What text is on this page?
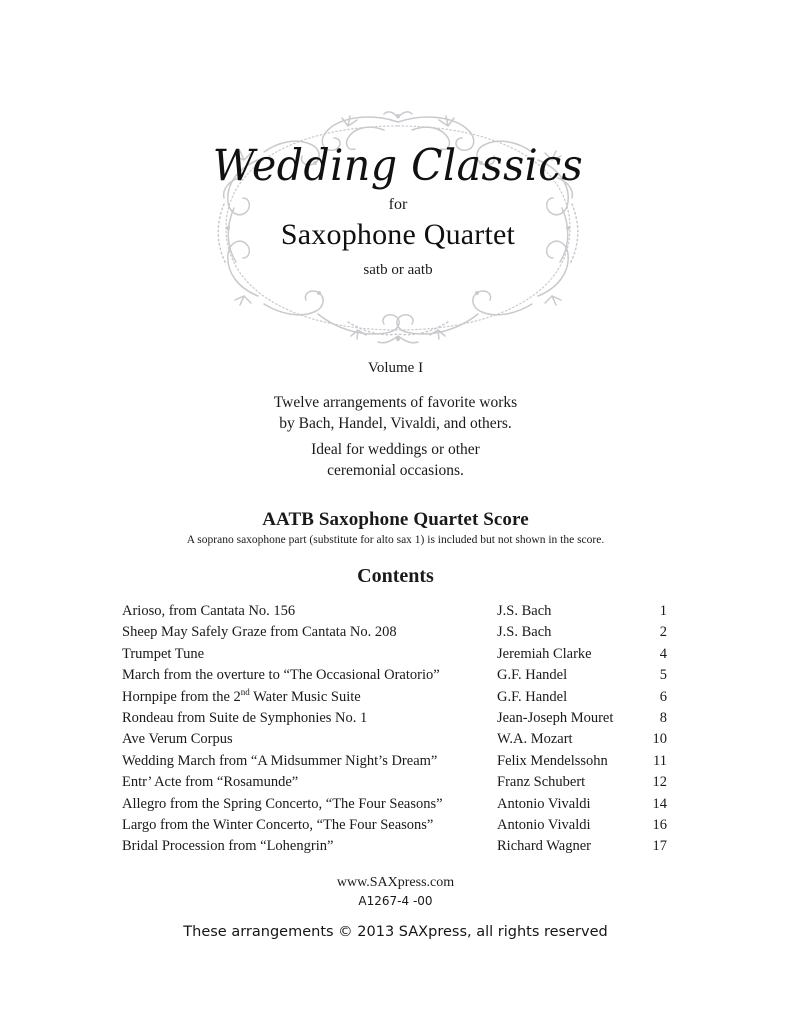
Wedding Classics
for
Saxophone Quartet
satb or aatb
Volume I
Twelve arrangements of favorite works
by Bach, Handel, Vivaldi, and others.
Ideal for weddings or other
ceremonial occasions.
AATB Saxophone Quartet Score
A soprano saxophone part (substitute for alto sax 1) is included but not shown in the score.
Contents
Arioso, from Cantata No. 156	J.S. Bach	1
Sheep May Safely Graze from Cantata No. 208	J.S. Bach	2
Trumpet Tune	Jeremiah Clarke	4
March from the overture to “The Occasional Oratorio”	G.F. Handel	5
Hornpipe from the 2nd Water Music Suite	G.F. Handel	6
Rondeau from Suite de Symphonies No. 1	Jean-Joseph Mouret	8
Ave Verum Corpus	W.A. Mozart	10
Wedding March from “A Midsummer Night’s Dream”	Felix Mendelssohn	11
Entr’ Acte from “Rosamunde”	Franz Schubert	12
Allegro from the Spring Concerto, “The Four Seasons”	Antonio Vivaldi	14
Largo from the Winter Concerto, “The Four Seasons”	Antonio Vivaldi	16
Bridal Procession from “Lohengrin”	Richard Wagner	17
www.SAXpress.com
A1267-4 -00
These arrangements © 2013 SAXpress, all rights reserved
